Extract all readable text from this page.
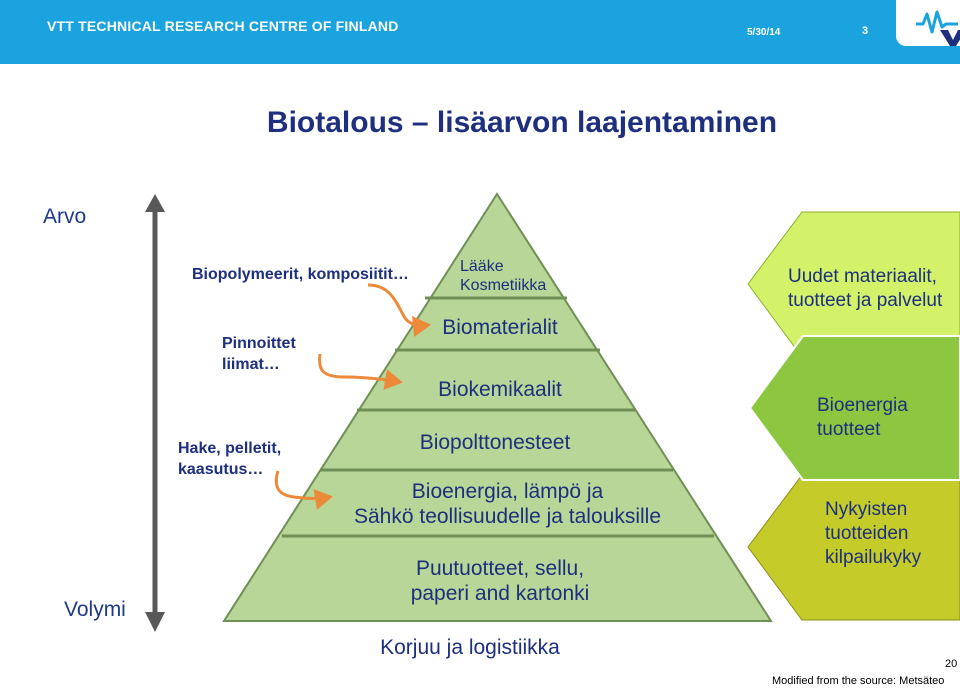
VTT TECHNICAL RESEARCH CENTRE OF FINLAND	5/30/14	3
Biotalous – lisäarvon laajentaminen
Arvo
Volymi
Biopolymeerit, komposiitit…
Pinnoittet
liimat…
Hake, pelletit,
kaasutus…
Lääke
Kosmetiikka
Biomaterialit
Biokemikaalit
Biopolttonesteet
Bioenergia, lämpö ja
Sähkö teollisuudelle ja talouksille
Puutuotteet, sellu,
paperi and kartonki
Korjuu ja logistiikka
Uudet materiaalit,
tuotteet ja palvelut
Bioenergia
tuotteet
Nykyisten
tuotteiden
kilpailukyky
20
Modified from the source: Metsäteo
